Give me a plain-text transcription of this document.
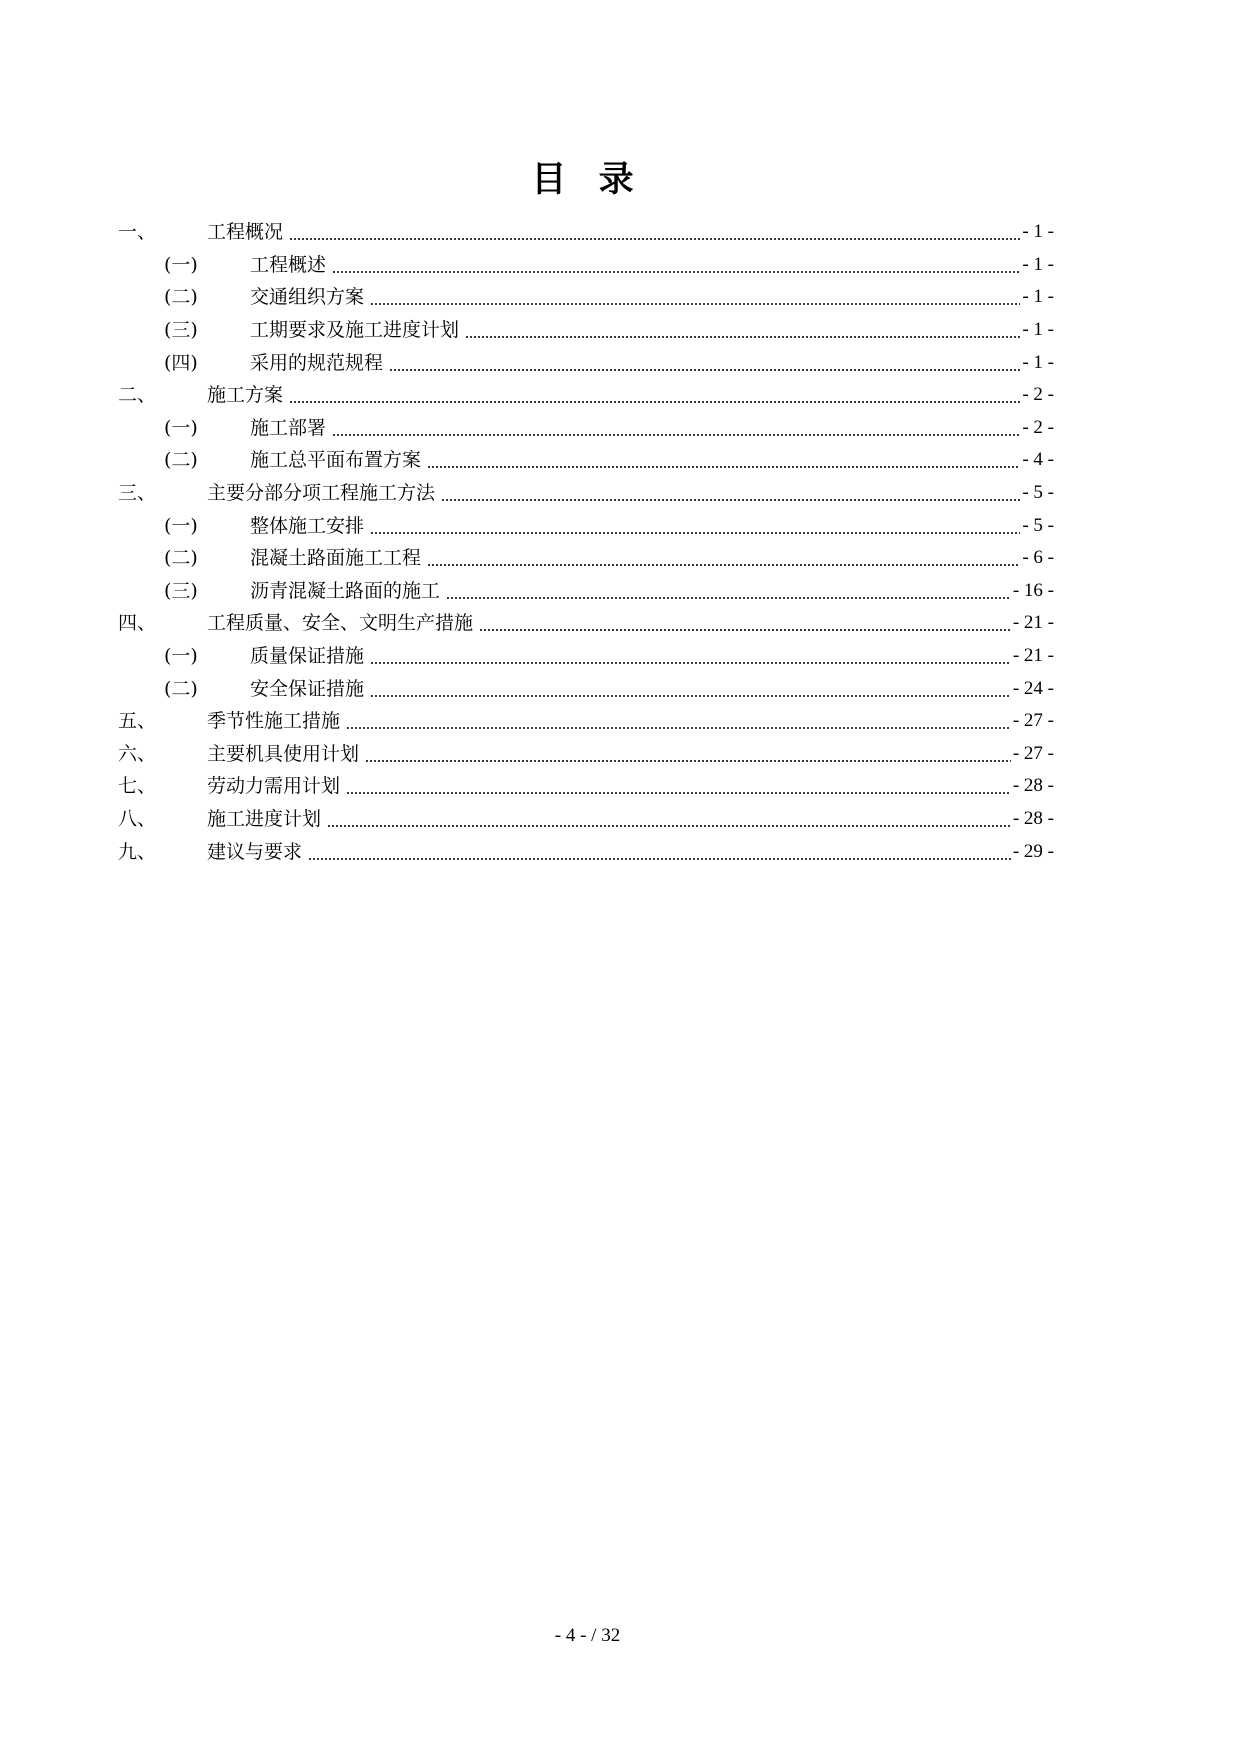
目 录
一、	工程概况	- 1 -
(一)	工程概述	- 1 -
(二)	交通组织方案	- 1 -
(三)	工期要求及施工进度计划	- 1 -
(四)	采用的规范规程	- 1 -
二、	施工方案	- 2 -
(一)	施工部署	- 2 -
(二)	施工总平面布置方案	- 4 -
三、	主要分部分项工程施工方法	- 5 -
(一)	整体施工安排	- 5 -
(二)	混凝土路面施工工程	- 6 -
(三)	沥青混凝土路面的施工	- 16 -
四、	工程质量、安全、文明生产措施	- 21 -
(一)	质量保证措施	- 21 -
(二)	安全保证措施	- 24 -
五、	季节性施工措施	- 27 -
六、	主要机具使用计划	- 27 -
七、	劳动力需用计划	- 28 -
八、	施工进度计划	- 28 -
九、	建议与要求	- 29 -
- 4 - / 32
